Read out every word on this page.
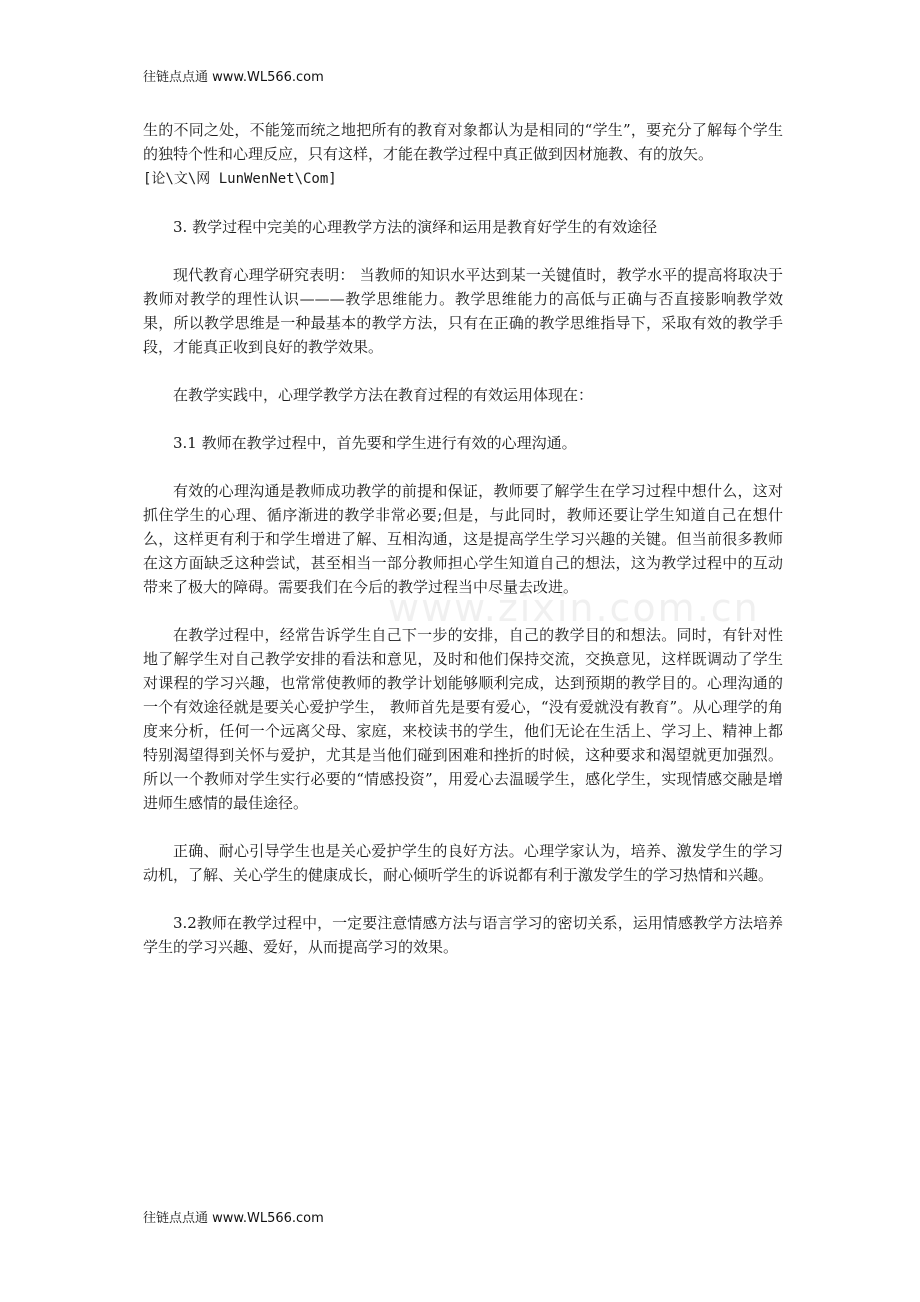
往链点点通 www.WL566.com
www.zixin.com.cn

生的不同之处，不能笼而统之地把所有的教育对象都认为是相同的“学生”，要充分了解每个学生的独特个性和心理反应，只有这样，才能在教学过程中真正做到因材施教、有的放矢。
[论\文\网 LunWenNet\Com]

3. 教学过程中完美的心理教学方法的演绎和运用是教育好学生的有效途径

现代教育心理学研究表明： 当教师的知识水平达到某一关键值时，教学水平的提高将取决于教师对教学的理性认识———教学思维能力。教学思维能力的高低与正确与否直接影响教学效果，所以教学思维是一种最基本的教学方法，只有在正确的教学思维指导下，采取有效的教学手段，才能真正收到良好的教学效果。

在教学实践中，心理学教学方法在教育过程的有效运用体现在：

3.1 教师在教学过程中，首先要和学生进行有效的心理沟通。

有效的心理沟通是教师成功教学的前提和保证，教师要了解学生在学习过程中想什么，这对抓住学生的心理、循序渐进的教学非常必要;但是，与此同时，教师还要让学生知道自己在想什么，这样更有利于和学生增进了解、互相沟通，这是提高学生学习兴趣的关键。但当前很多教师在这方面缺乏这种尝试，甚至相当一部分教师担心学生知道自己的想法，这为教学过程中的互动带来了极大的障碍。需要我们在今后的教学过程当中尽量去改进。

在教学过程中，经常告诉学生自己下一步的安排，自己的教学目的和想法。同时，有针对性地了解学生对自己教学安排的看法和意见，及时和他们保持交流，交换意见，这样既调动了学生对课程的学习兴趣，也常常使教师的教学计划能够顺利完成，达到预期的教学目的。心理沟通的一个有效途径就是要关心爱护学生， 教师首先是要有爱心，“没有爱就没有教育”。从心理学的角度来分析，任何一个远离父母、家庭，来校读书的学生，他们无论在生活上、学习上、精神上都特别渴望得到关怀与爱护，尤其是当他们碰到困难和挫折的时候，这种要求和渴望就更加强烈。所以一个教师对学生实行必要的“情感投资”，用爱心去温暖学生，感化学生，实现情感交融是增进师生感情的最佳途径。

正确、耐心引导学生也是关心爱护学生的良好方法。心理学家认为，培养、激发学生的学习动机，了解、关心学生的健康成长，耐心倾听学生的诉说都有利于激发学生的学习热情和兴趣。

3.2教师在教学过程中，一定要注意情感方法与语言学习的密切关系，运用情感教学方法培养学生的学习兴趣、爱好，从而提高学习的效果。

往链点点通 www.WL566.com
